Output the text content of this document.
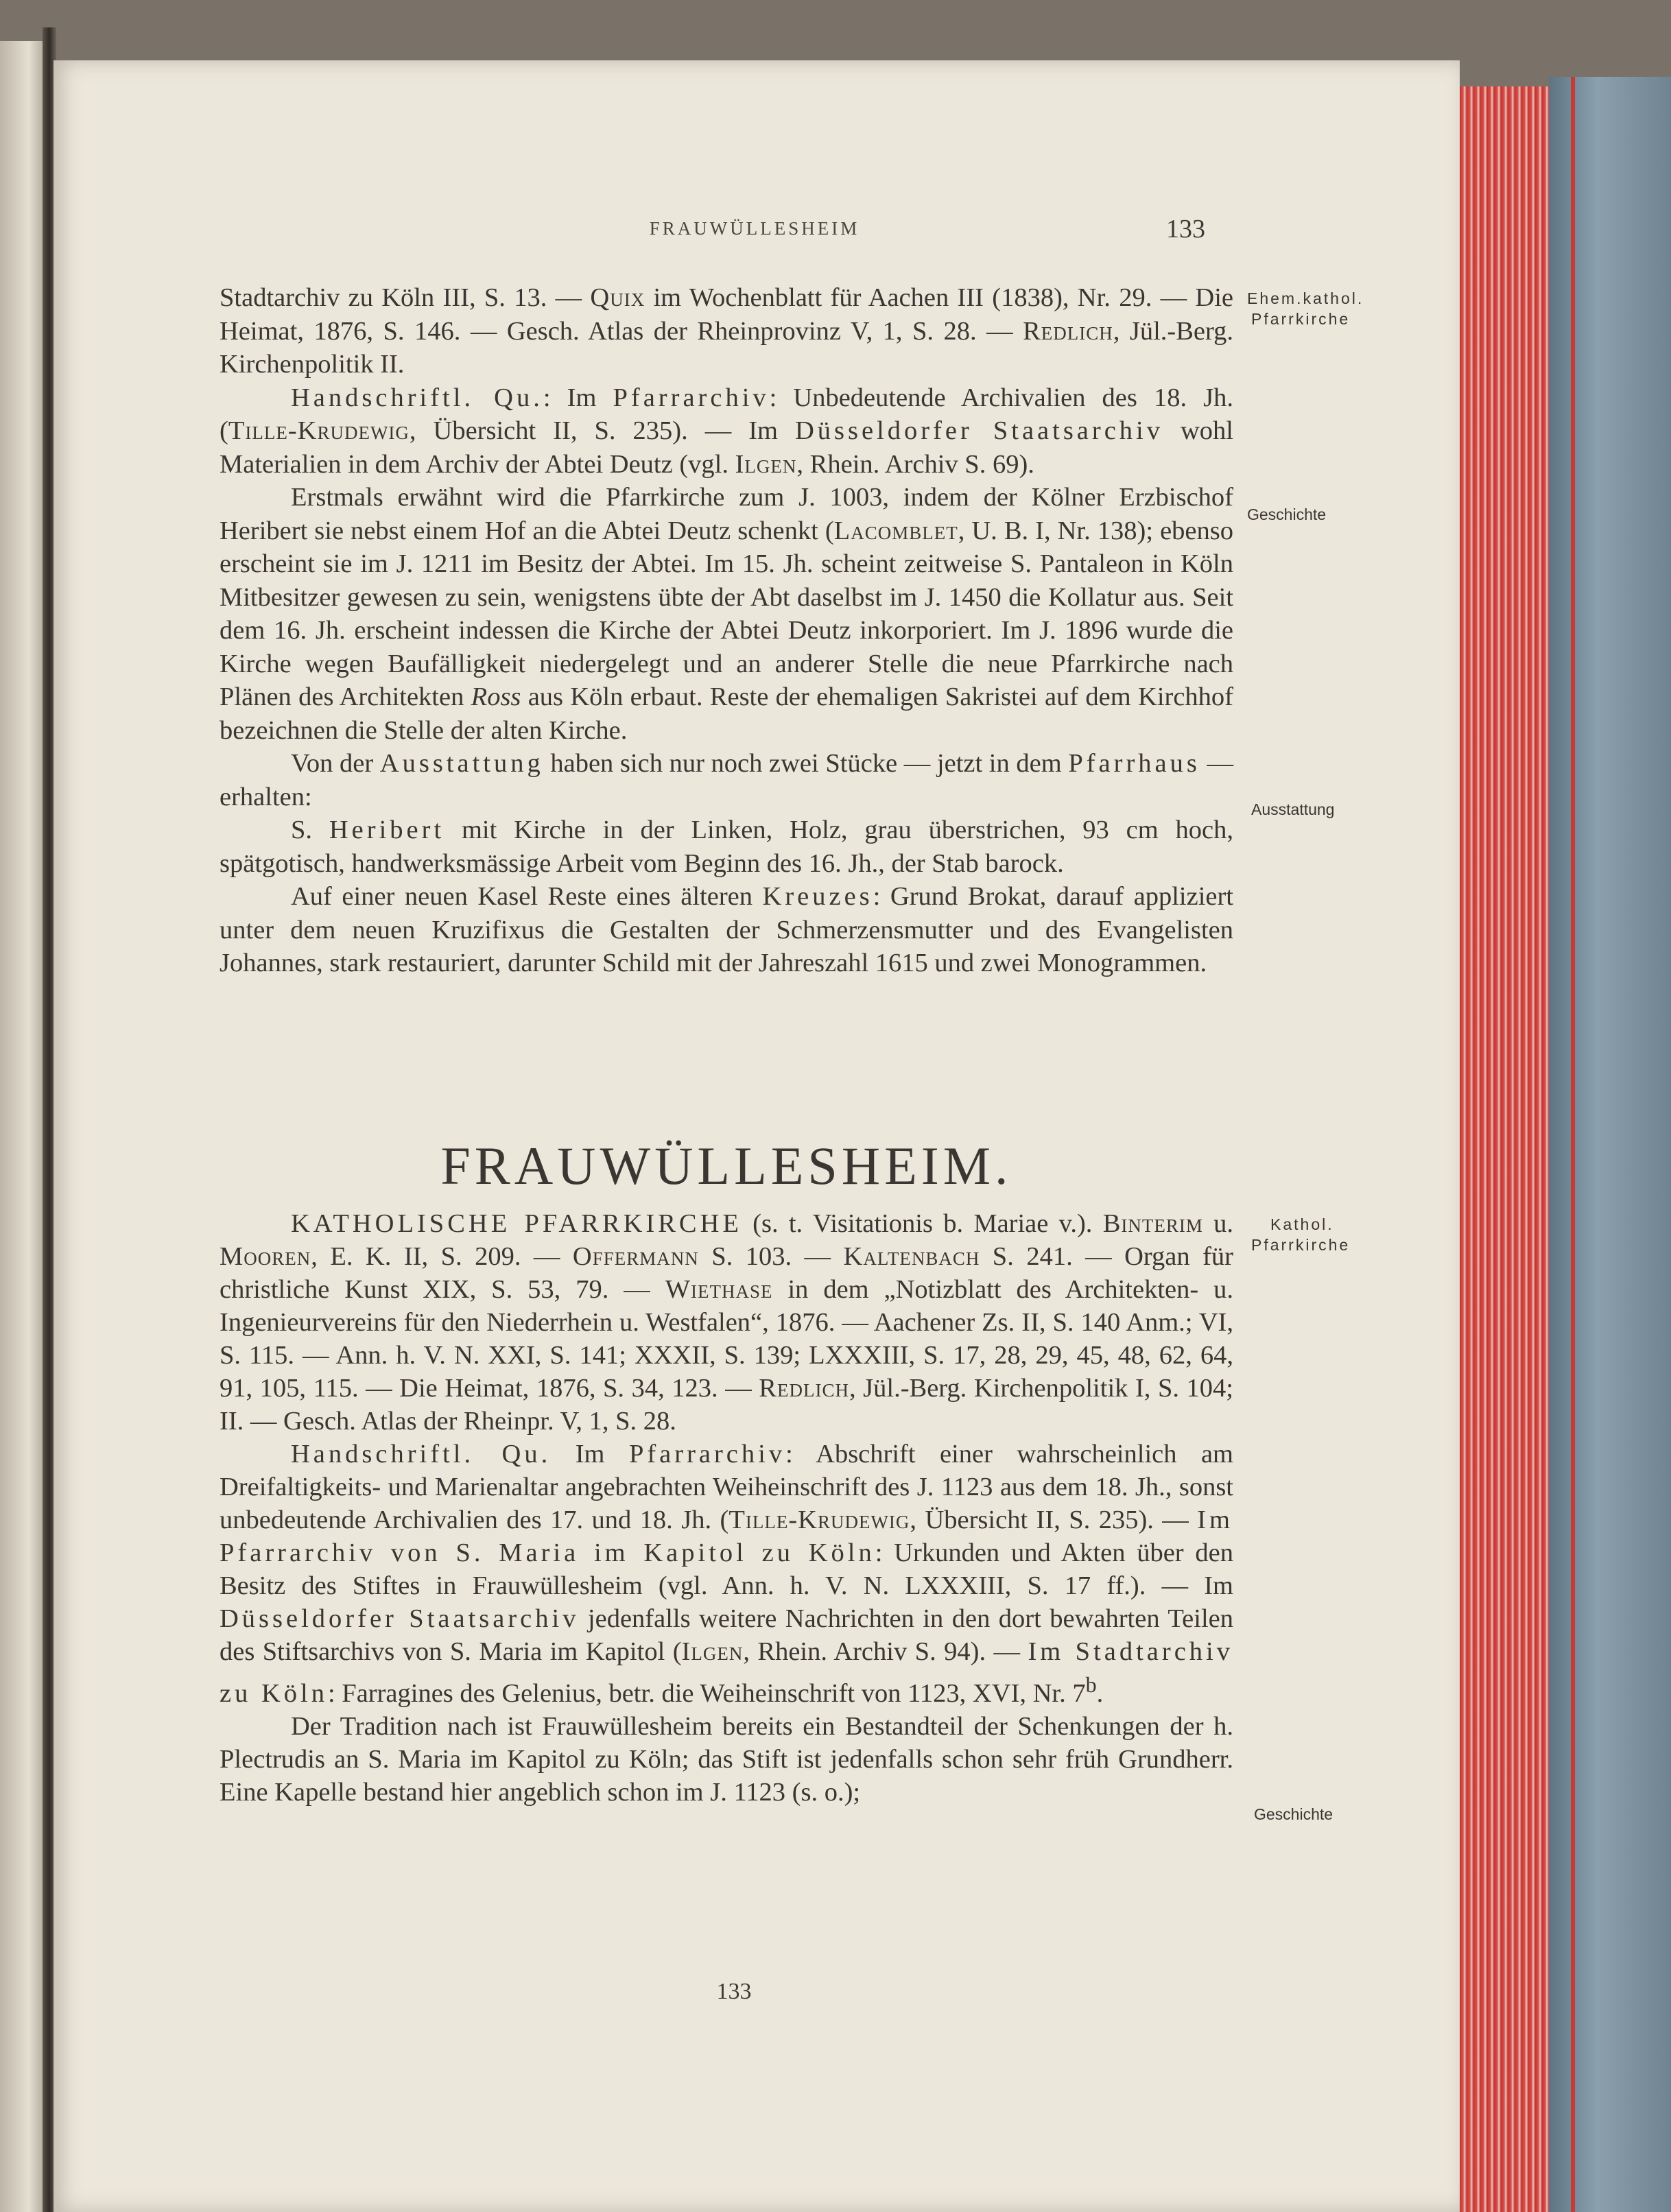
FRAUWÜLLESHEIM	133

Stadtarchiv zu Köln III, S. 13. — Quix im Wochenblatt für Aachen III (1838), Nr. 29. — Die Heimat, 1876, S. 146. — Gesch. Atlas der Rheinprovinz V, 1, S. 28. — Redlich, Jül.-Berg. Kirchenpolitik II.

Handschriftl. Qu.: Im Pfarrarchiv: Unbedeutende Archivalien des 18. Jh. (Tille-Krudewig, Übersicht II, S. 235). — Im Düsseldorfer Staatsarchiv wohl Materialien in dem Archiv der Abtei Deutz (vgl. Ilgen, Rhein. Archiv S. 69).

Erstmals erwähnt wird die Pfarrkirche zum J. 1003, indem der Kölner Erzbischof Heribert sie nebst einem Hof an die Abtei Deutz schenkt (Lacomblet, U. B. I, Nr. 138); ebenso erscheint sie im J. 1211 im Besitz der Abtei. Im 15. Jh. scheint zeitweise S. Pantaleon in Köln Mitbesitzer gewesen zu sein, wenigstens übte der Abt daselbst im J. 1450 die Kollatur aus. Seit dem 16. Jh. erscheint indessen die Kirche der Abtei Deutz inkorporiert. Im J. 1896 wurde die Kirche wegen Baufälligkeit niedergelegt und an anderer Stelle die neue Pfarrkirche nach Plänen des Architekten Ross aus Köln erbaut. Reste der ehemaligen Sakristei auf dem Kirchhof bezeichnen die Stelle der alten Kirche.

Von der Ausstattung haben sich nur noch zwei Stücke — jetzt in dem Pfarrhaus — erhalten:

S. Heribert mit Kirche in der Linken, Holz, grau überstrichen, 93 cm hoch, spätgotisch, handwerksmässige Arbeit vom Beginn des 16. Jh., der Stab barock.

Auf einer neuen Kasel Reste eines älteren Kreuzes: Grund Brokat, darauf appliziert unter dem neuen Kruzifixus die Gestalten der Schmerzensmutter und des Evangelisten Johannes, stark restauriert, darunter Schild mit der Jahreszahl 1615 und zwei Monogrammen.

FRAUWÜLLESHEIM.

KATHOLISCHE PFARRKIRCHE (s. t. Visitationis b. Mariae v.). Binterim u. Mooren, E. K. II, S. 209. — Offermann S. 103. — Kaltenbach S. 241. — Organ für christliche Kunst XIX, S. 53, 79. — Wiethase in dem „Notizblatt des Architekten- u. Ingenieurvereins für den Niederrhein u. Westfalen“, 1876. — Aachener Zs. II, S. 140 Anm.; VI, S. 115. — Ann. h. V. N. XXI, S. 141; XXXII, S. 139; LXXXIII, S. 17, 28, 29, 45, 48, 62, 64, 91, 105, 115. — Die Heimat, 1876, S. 34, 123. — Redlich, Jül.-Berg. Kirchenpolitik I, S. 104; II. — Gesch. Atlas der Rheinpr. V, 1, S. 28.

Handschriftl. Qu. Im Pfarrarchiv: Abschrift einer wahrscheinlich am Dreifaltigkeits- und Marienaltar angebrachten Weiheinschrift des J. 1123 aus dem 18. Jh., sonst unbedeutende Archivalien des 17. und 18. Jh. (Tille-Krudewig, Übersicht II, S. 235). — Im Pfarrarchiv von S. Maria im Kapitol zu Köln: Urkunden und Akten über den Besitz des Stiftes in Frauwüllesheim (vgl. Ann. h. V. N. LXXXIII, S. 17 ff.). — Im Düsseldorfer Staatsarchiv jedenfalls weitere Nachrichten in den dort bewahrten Teilen des Stiftsarchivs von S. Maria im Kapitol (Ilgen, Rhein. Archiv S. 94). — Im Stadtarchiv zu Köln: Farragines des Gelenius, betr. die Weiheinschrift von 1123, XVI, Nr. 7$^b$.

Der Tradition nach ist Frauwüllesheim bereits ein Bestandteil der Schenkungen der h. Plectrudis an S. Maria im Kapitol zu Köln; das Stift ist jedenfalls schon sehr früh Grundherr. Eine Kapelle bestand hier angeblich schon im J. 1123 (s. o.);

Ehem.kathol.
Pfarrkirche
Geschichte
Ausstattung
Kathol.
Pfarrkirche
Geschichte
133
